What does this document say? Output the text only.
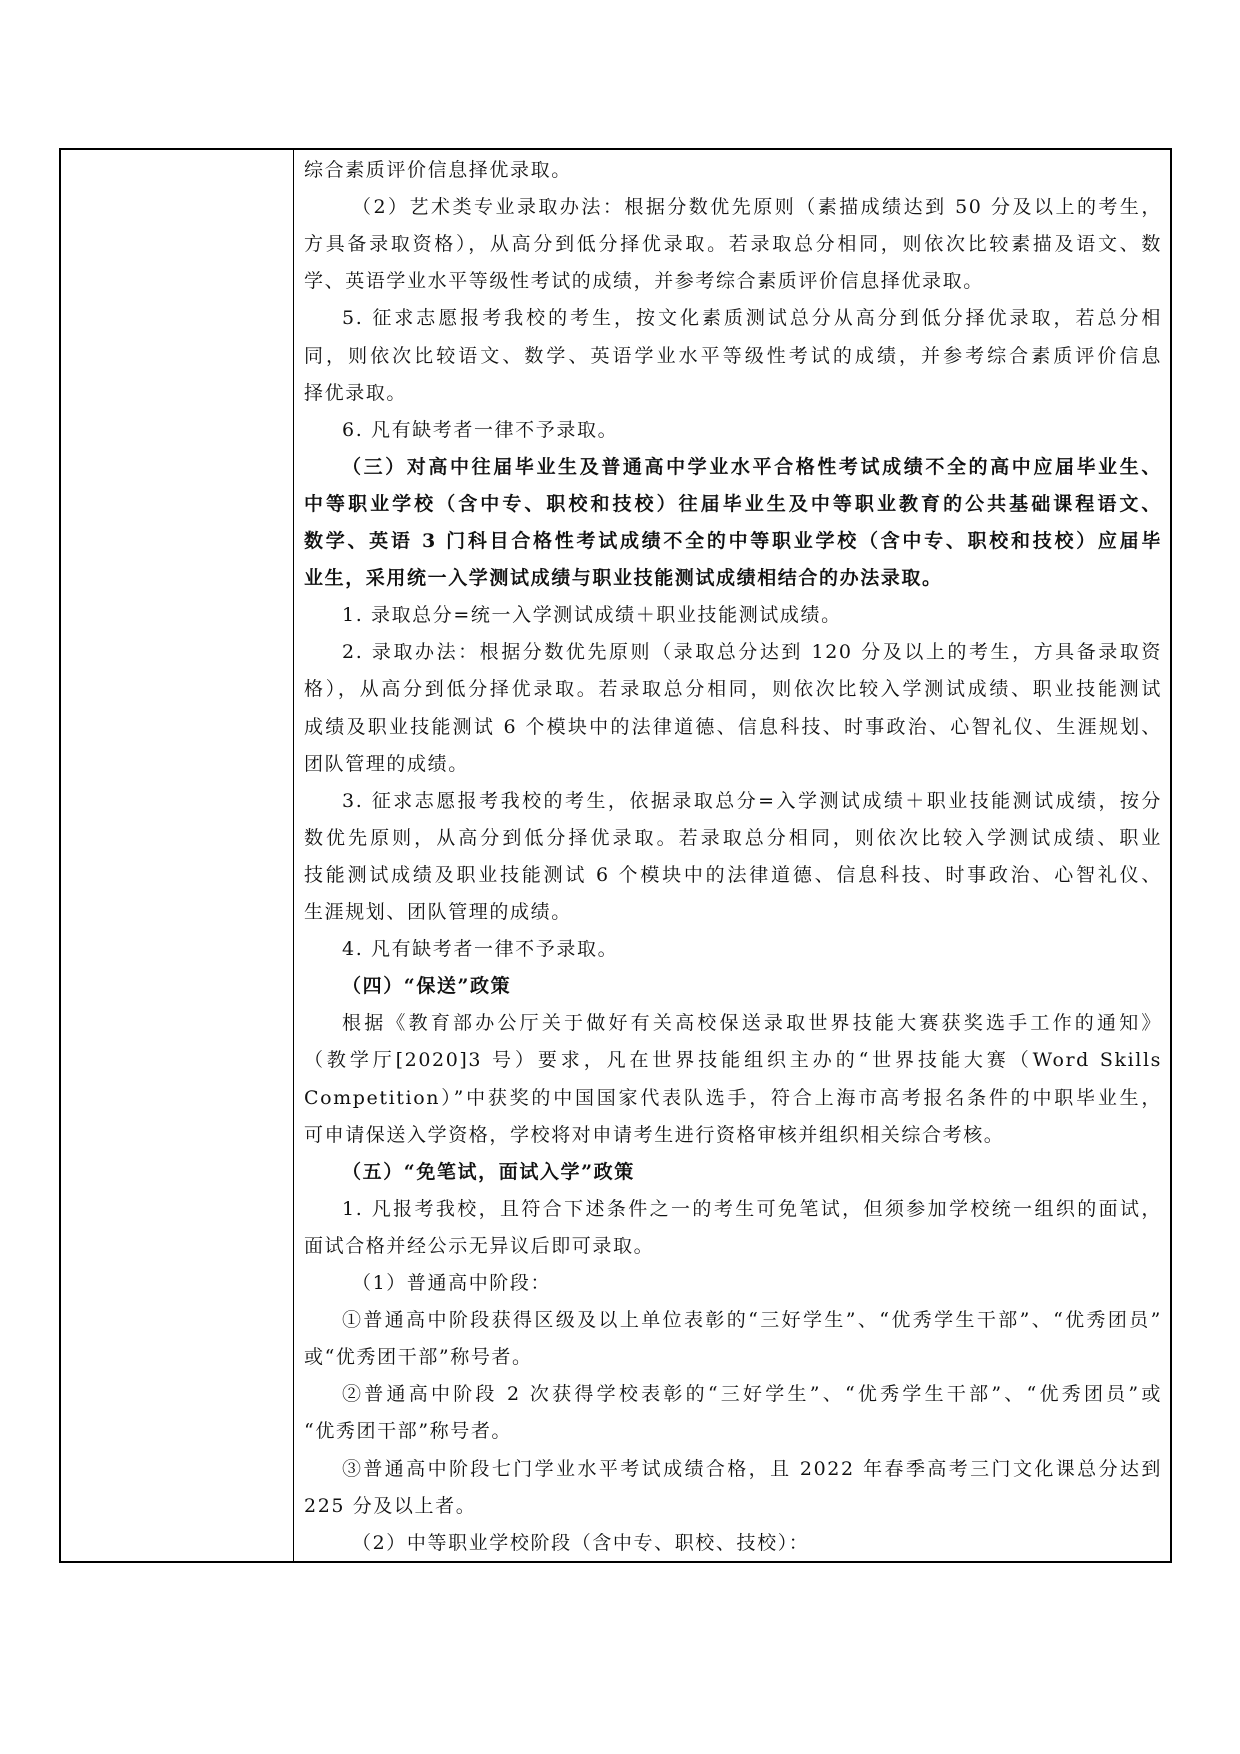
综合素质评价信息择优录取。
（2）艺术类专业录取办法：根据分数优先原则（素描成绩达到 50 分及以上的考生，
方具备录取资格），从高分到低分择优录取。若录取总分相同，则依次比较素描及语文、数
学、英语学业水平等级性考试的成绩，并参考综合素质评价信息择优录取。
5. 征求志愿报考我校的考生，按文化素质测试总分从高分到低分择优录取，若总分相
同，则依次比较语文、数学、英语学业水平等级性考试的成绩，并参考综合素质评价信息
择优录取。
6. 凡有缺考者一律不予录取。
（三）对高中往届毕业生及普通高中学业水平合格性考试成绩不全的高中应届毕业生、
中等职业学校（含中专、职校和技校）往届毕业生及中等职业教育的公共基础课程语文、
数学、英语 3 门科目合格性考试成绩不全的中等职业学校（含中专、职校和技校）应届毕
业生，采用统一入学测试成绩与职业技能测试成绩相结合的办法录取。
1. 录取总分=统一入学测试成绩＋职业技能测试成绩。
2. 录取办法：根据分数优先原则（录取总分达到 120 分及以上的考生，方具备录取资
格），从高分到低分择优录取。若录取总分相同，则依次比较入学测试成绩、职业技能测试
成绩及职业技能测试 6 个模块中的法律道德、信息科技、时事政治、心智礼仪、生涯规划、
团队管理的成绩。
3. 征求志愿报考我校的考生，依据录取总分=入学测试成绩＋职业技能测试成绩，按分
数优先原则，从高分到低分择优录取。若录取总分相同，则依次比较入学测试成绩、职业
技能测试成绩及职业技能测试 6 个模块中的法律道德、信息科技、时事政治、心智礼仪、
生涯规划、团队管理的成绩。
4. 凡有缺考者一律不予录取。
（四）“保送”政策
根据《教育部办公厅关于做好有关高校保送录取世界技能大赛获奖选手工作的通知》
（教学厅[2020]3 号）要求，凡在世界技能组织主办的“世界技能大赛（Word Skills
Competition）”中获奖的中国国家代表队选手，符合上海市高考报名条件的中职毕业生，
可申请保送入学资格，学校将对申请考生进行资格审核并组织相关综合考核。
（五）“免笔试，面试入学”政策
1. 凡报考我校，且符合下述条件之一的考生可免笔试，但须参加学校统一组织的面试，
面试合格并经公示无异议后即可录取。
（1）普通高中阶段：
①普通高中阶段获得区级及以上单位表彰的“三好学生”、“优秀学生干部”、“优秀团员”
或“优秀团干部”称号者。
②普通高中阶段 2 次获得学校表彰的“三好学生”、“优秀学生干部”、“优秀团员”或
“优秀团干部”称号者。
③普通高中阶段七门学业水平考试成绩合格，且 2022 年春季高考三门文化课总分达到
225 分及以上者。
（2）中等职业学校阶段（含中专、职校、技校）：
